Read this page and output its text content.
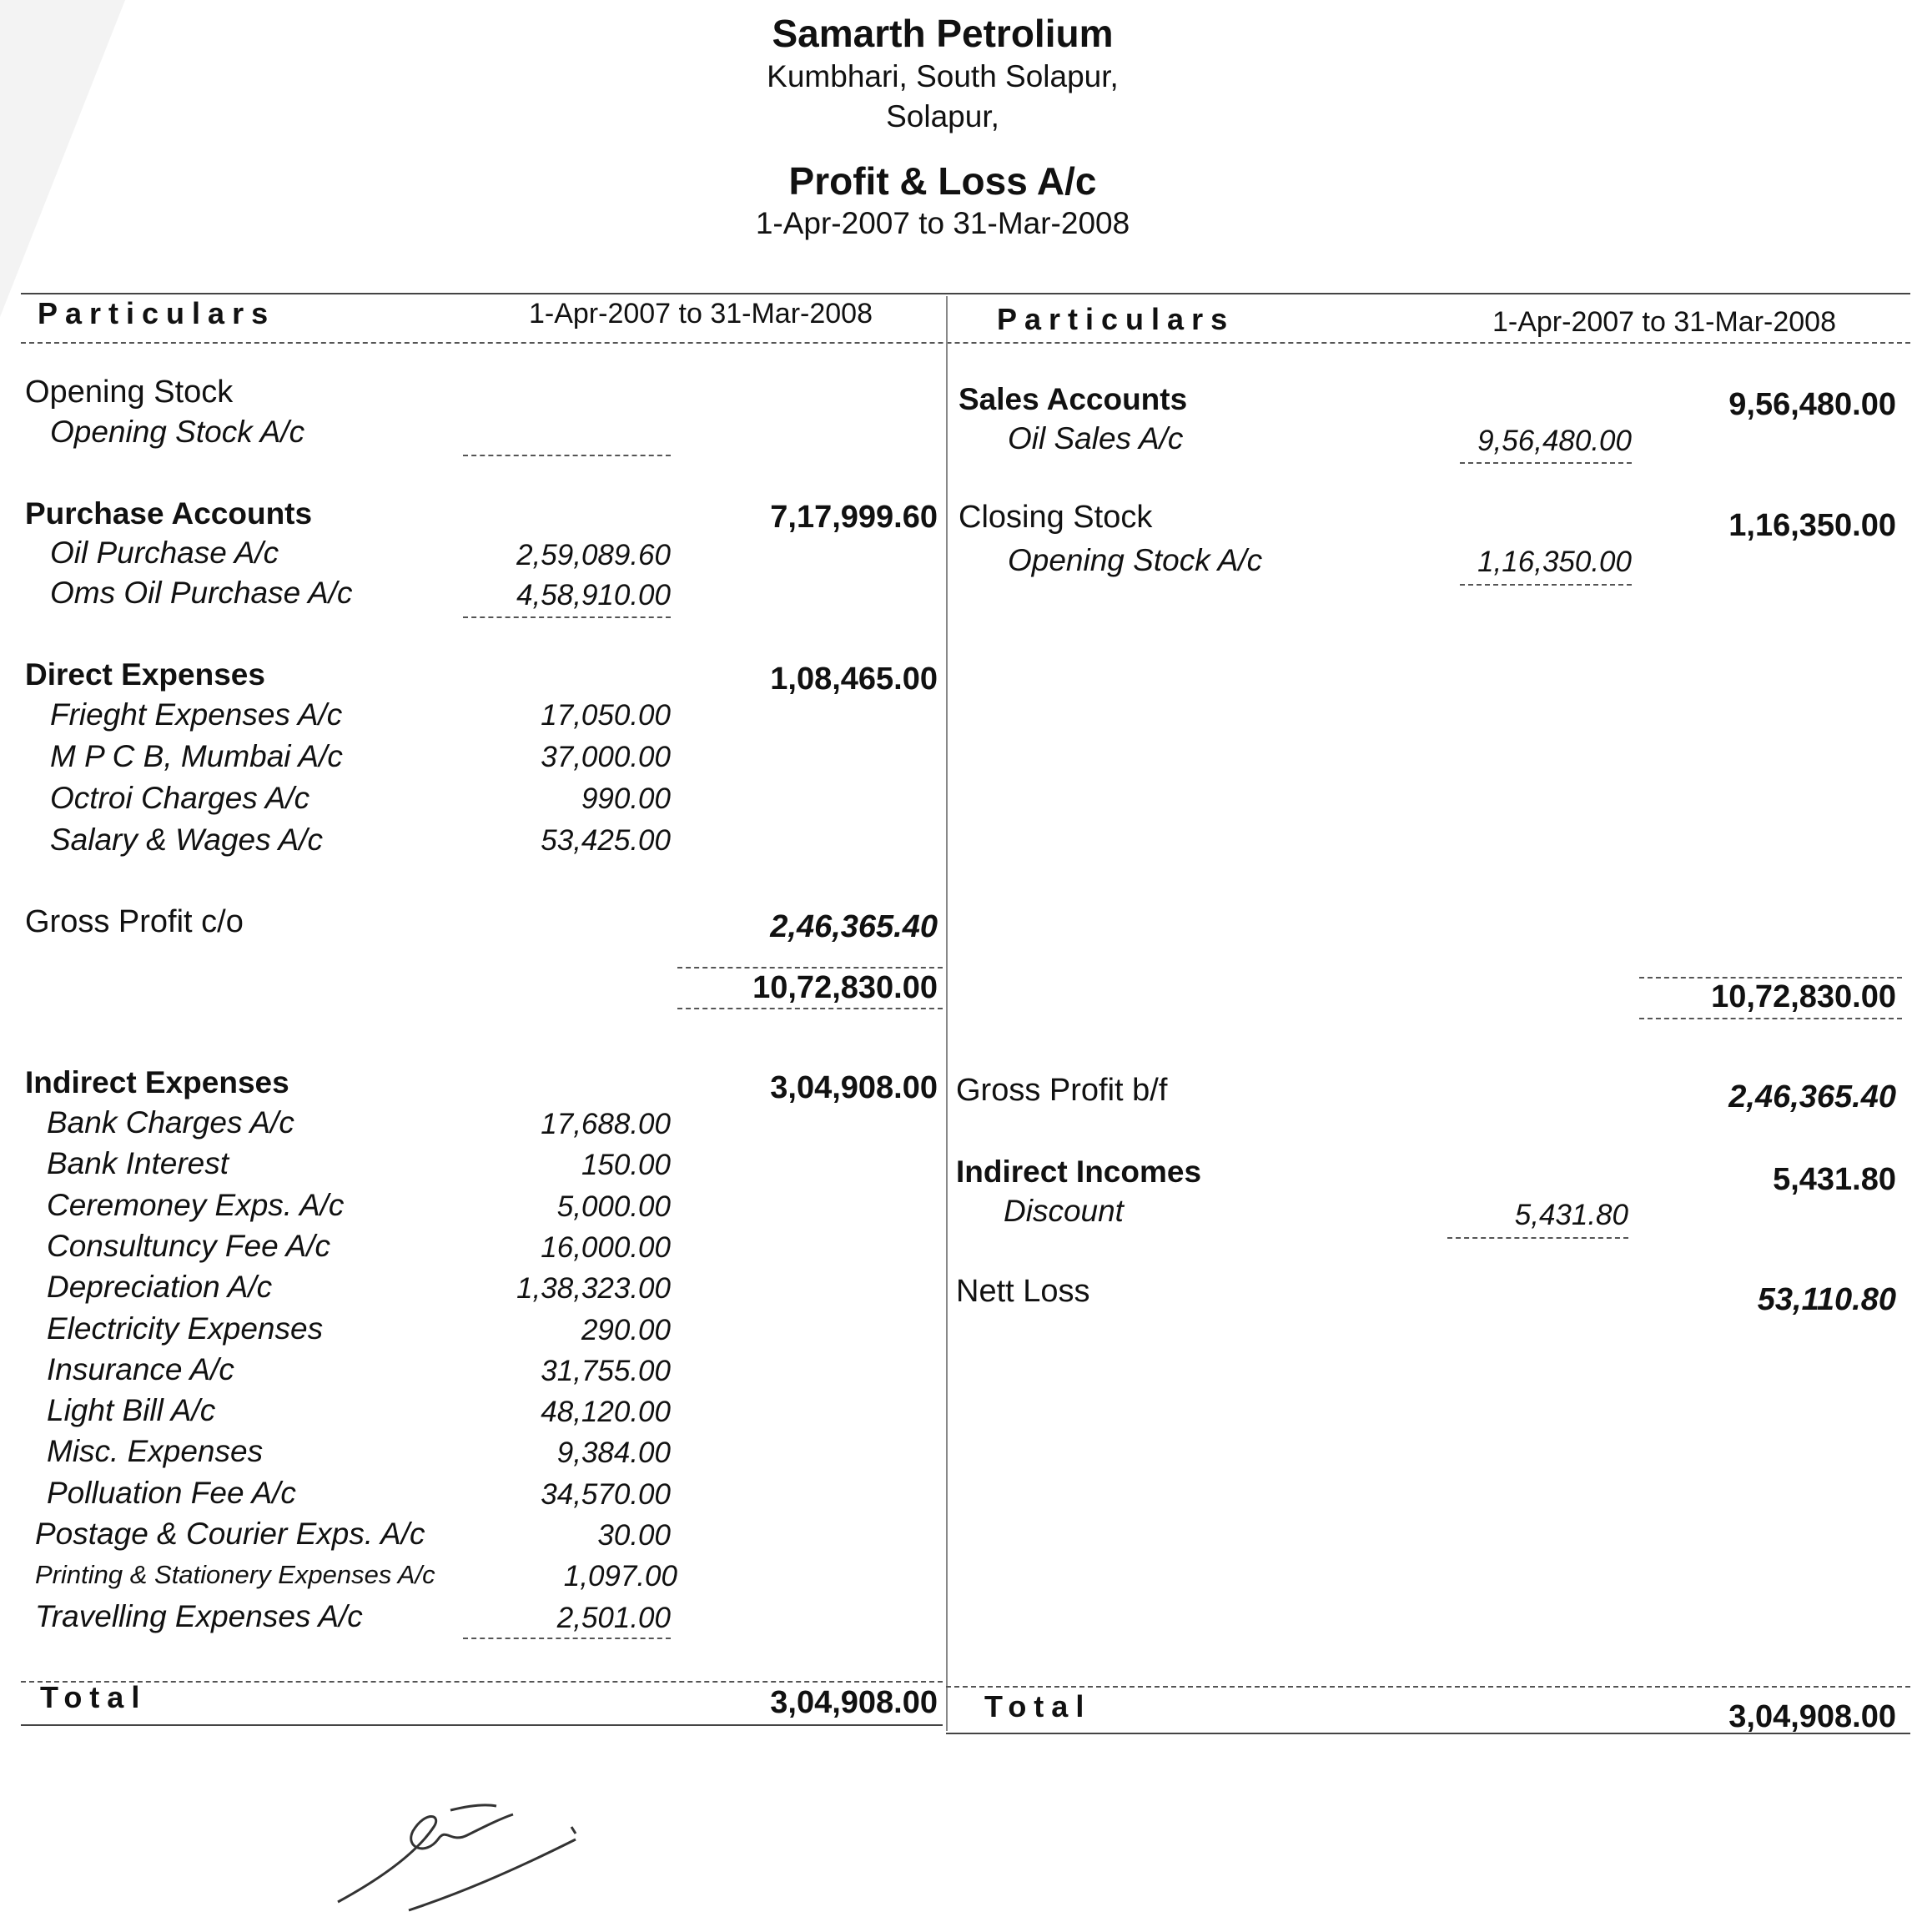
Samarth Petrolium
Kumbhari, South Solapur,
Solapur,
Profit & Loss A/c
1-Apr-2007 to 31-Mar-2008
Particulars	1-Apr-2007 to 31-Mar-2008	Particulars	1-Apr-2007 to 31-Mar-2008
Opening Stock
Opening Stock A/c
Purchase Accounts	7,17,999.60
Oil Purchase A/c	2,59,089.60
Oms Oil Purchase A/c	4,58,910.00
Direct Expenses	1,08,465.00
Frieght Expenses A/c	17,050.00
M P C B, Mumbai A/c	37,000.00
Octroi Charges A/c	990.00
Salary & Wages A/c	53,425.00
Gross Profit c/o	2,46,365.40
10,72,830.00
Indirect Expenses	3,04,908.00
Bank Charges A/c	17,688.00
Bank Interest	150.00
Ceremoney Exps. A/c	5,000.00
Consultuncy Fee A/c	16,000.00
Depreciation A/c	1,38,323.00
Electricity Expenses	290.00
Insurance A/c	31,755.00
Light Bill A/c	48,120.00
Misc. Expenses	9,384.00
Polluation Fee A/c	34,570.00
Postage & Courier Exps. A/c	30.00
Printing & Stationery Expenses A/c	1,097.00
Travelling Expenses A/c	2,501.00
Total	3,04,908.00
Sales Accounts	9,56,480.00
Oil Sales A/c	9,56,480.00
Closing Stock	1,16,350.00
Opening Stock A/c	1,16,350.00
10,72,830.00
Gross Profit b/f	2,46,365.40
Indirect Incomes	5,431.80
Discount	5,431.80
Nett Loss	53,110.80
Total	3,04,908.00
